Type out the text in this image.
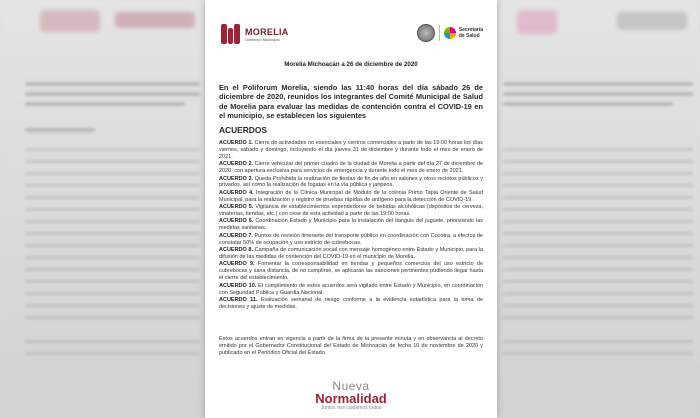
MORELIA
Gobierno Municipal
Secretaría
de Salud
Morelia Michoacán a 26 de diciembre de 2020
En el Poliforum Morelia, siendo las 11:40 horas del día sábado 26 de diciembre de 2020, reunidos los integrantes del Comité Municipal de Salud de Morelia para evaluar las medidas de contención contra el COVID-19 en el municipio, se establecen los siguientes
ACUERDOS

ACUERDO 1. Cierre de actividades no esenciales y centros comerciales a partir de las 19:00 horas los días viernes, sábado y domingo, incluyendo el día jueves 31 de diciembre y durante todo el mes de enero de 2021.

ACUERDO 2. Cierre vehicular del primer cuadro de la ciudad de Morelia a partir del día 27 de diciembre de 2020, con apertura exclusiva para servicios de emergencia y durante todo el mes de enero de 2021.

ACUERDO 3. Queda Prohibida la realización de fiestas de fin de año en salones y otros recintos públicos y privados, así como la realización de fogatas en la vía pública y jaripeos.

ACUERDO 4. Integración de la Clínica Municipal de Módulo de la colonia Primo Tapia Oriente de Salud Municipal, para la realización y registro de pruebas rápidas de antígeno para la detección de COVID-19.

ACUERDO 5. Vigilancia de establecimientos expendedores de bebidas alcohólicas (depósitos de cerveza, vinaterías, tiendas, etc.) con cese de esta actividad a partir de las 19:00 horas.

ACUERDO 6. Coordinación Estado y Municipio para la instalación del tianguis del juguete, priorizando las medidas sanitarias.

ACUERDO 7. Puntos de revisión itinerante del transporte público en coordinación con Cocotra, a efectos de constatar 50% de ocupación y uso estricto de cubrebocas.

ACUERDO 8. Campaña de comunicación social con mensaje homogéneo entre Estado y Municipio, para la difusión de las medidas de contención del COVID-19 en el municipio de Morelia.

ACUERDO 9. Fomentar la corresponsabilidad en tiendas y pequeños comercios del uso estricto de cubrebocas y sana distancia, de no cumplirse, se aplicarán las sanciones pertinentes pudiendo llegar hasta el cierre del establecimiento.

ACUERDO 10. El cumplimiento de estos acuerdos será vigilado entre Estado y Municipio, en coordinación con Seguridad Pública y Guardia Nacional.

ACUERDO 11. Evaluación semanal de riesgo conforme a la evidencia estadística para la toma de decisiones y ajuste de medidas.

Estos acuerdos entran en vigencia a partir de la firma de la presente minuta y en observancia al decreto emitido por el Gobernador Constitucional del Estado de Michoacán de fecha 10 de noviembre de 2020 y publicado en el Periódico Oficial del Estado.
Nueva
Normalidad
Juntos nos cuidamos todos
